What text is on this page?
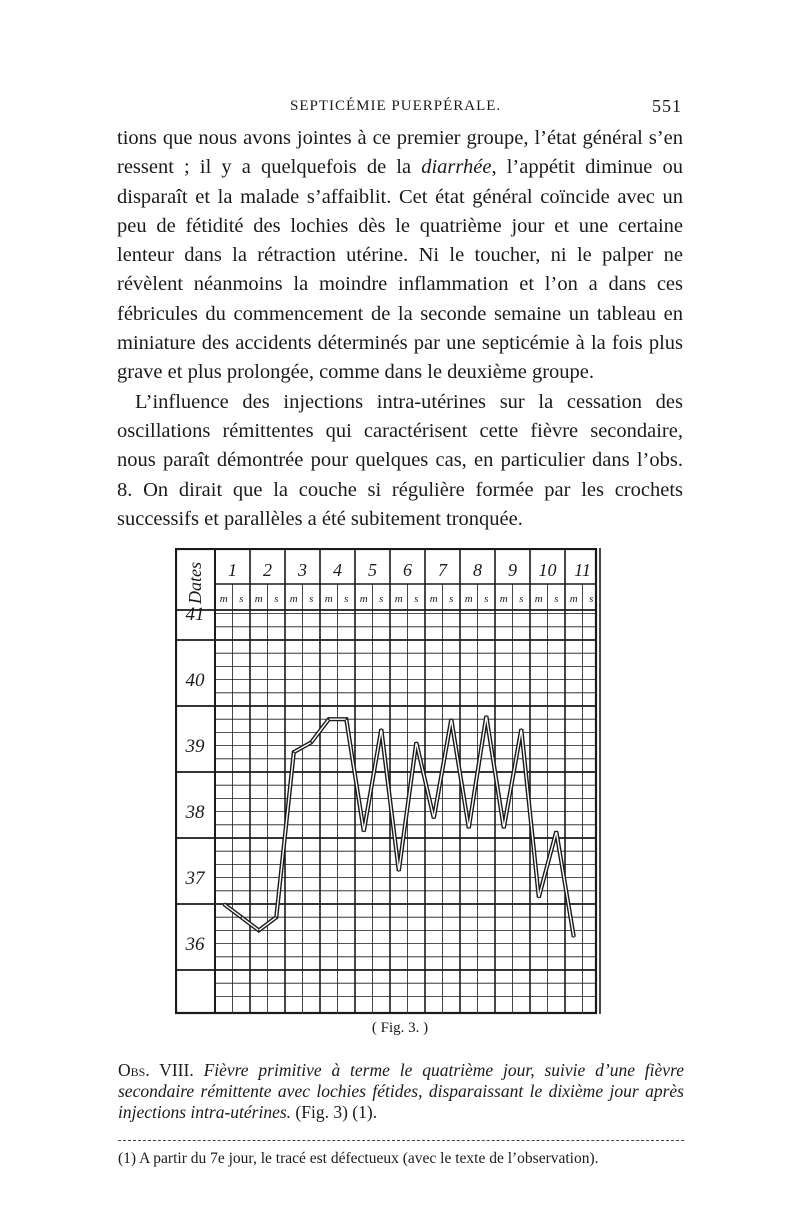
SEPTICÉMIE PUERPÉRALE.	551

tions que nous avons jointes à ce premier groupe, l’état général s’en ressent ; il y a quelquefois de la diarrhée, l’appétit diminue ou disparaît et la malade s’affaiblit. Cet état général coïncide avec un peu de fétidité des lochies dès le quatrième jour et une certaine lenteur dans la rétraction utérine. Ni le toucher, ni le palper ne révèlent néanmoins la moindre inflammation et l’on a dans ces fébricules du commencement de la seconde semaine un tableau en miniature des accidents déterminés par une septicémie à la fois plus grave et plus prolongée, comme dans le deuxième groupe.

L’influence des injections intra-utérines sur la cessation des oscillations rémittentes qui caractérisent cette fièvre secondaire, nous paraît démontrée pour quelques cas, en particulier dans l’obs. 8. On dirait que la couche si régulière formée par les crochets successifs et parallèles a été subitement tronquée.

Dates 1
m s
2
m s
3
m s
4
m s
5
m s
6
m s
7
m s
8
m s
9
m s
10
m s
11
m s
41
40
39
38
37
36
( Fig. 3. )
Obs. VIII. Fièvre primitive à terme le quatrième jour, suivie d’une fièvre secondaire rémittente avec lochies fétides, disparaissant le dixième jour après injections intra-utérines. (Fig. 3) (1).
(1) A partir du 7e jour, le tracé est défectueux (avec le texte de l’observation).
